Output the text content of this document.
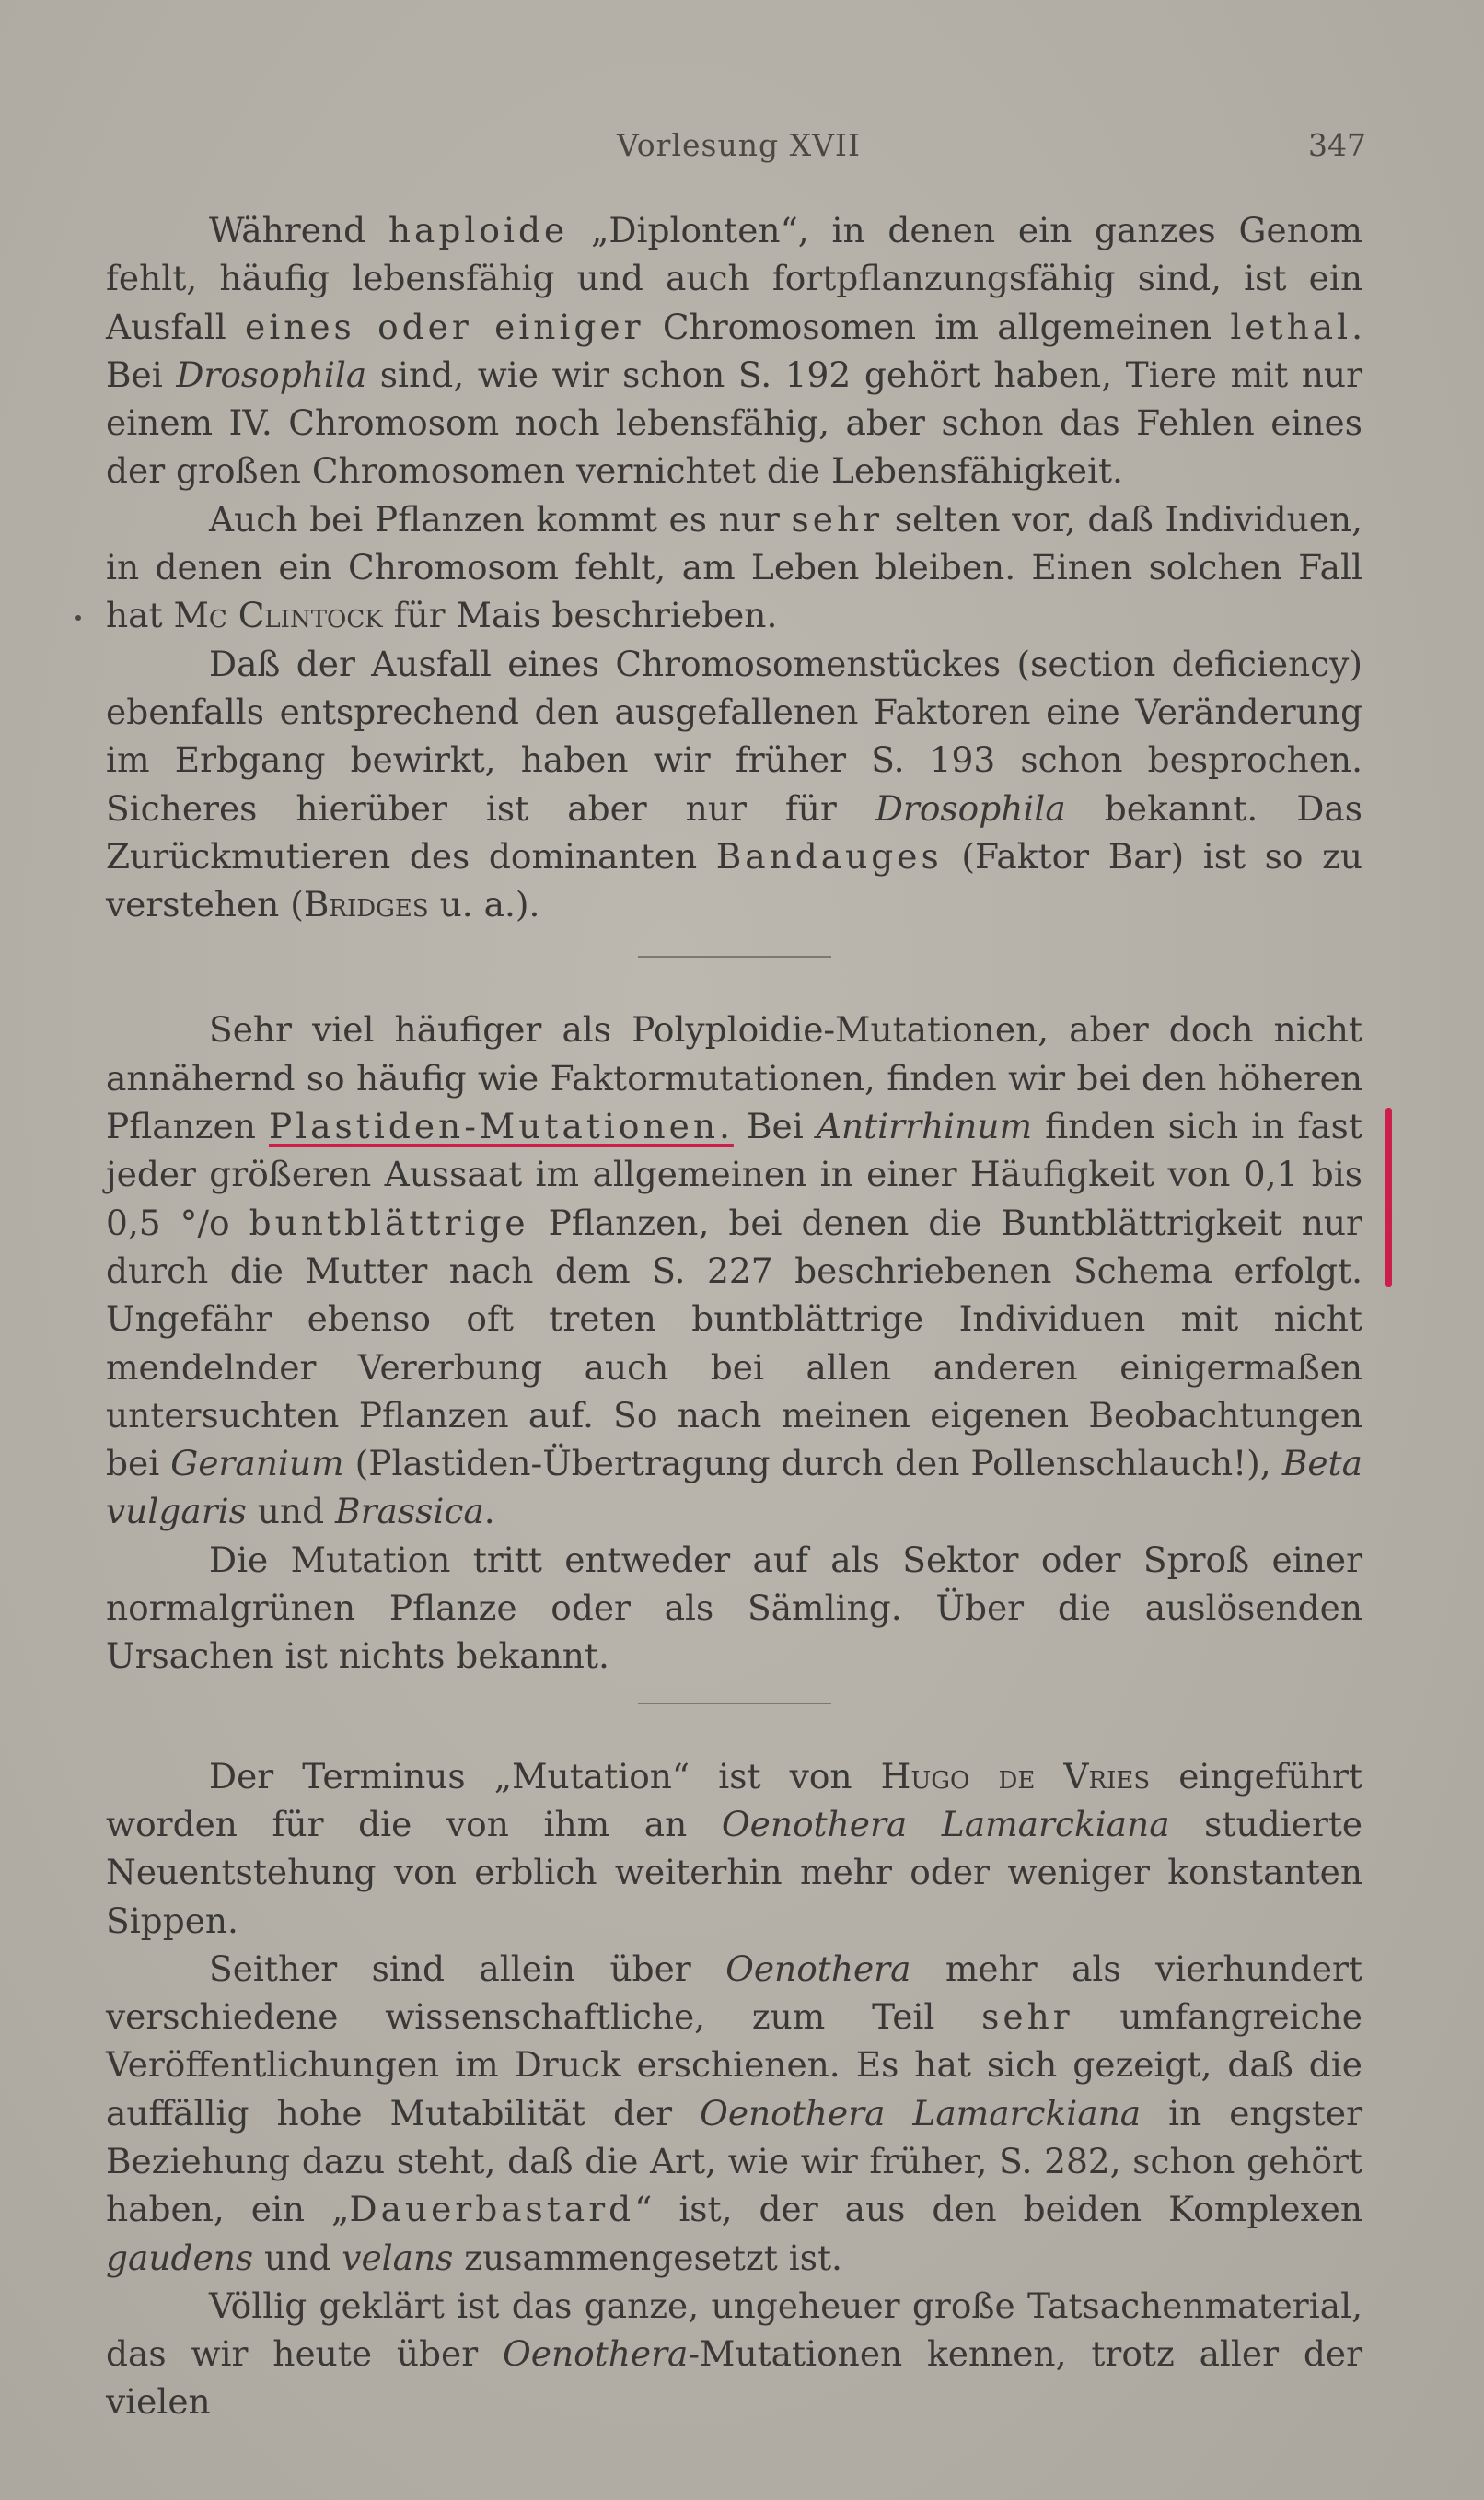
Vorlesung XVII	347

Während haploide „Diplonten“, in denen ein ganzes Genom fehlt, häufig lebensfähig und auch fortpflanzungsfähig sind, ist ein Ausfall eines oder einiger Chromosomen im allgemeinen lethal. Bei Drosophila sind, wie wir schon S. 192 gehört haben, Tiere mit nur einem IV. Chromosom noch lebensfähig, aber schon das Fehlen eines der großen Chromosomen vernichtet die Lebensfähigkeit.

Auch bei Pflanzen kommt es nur sehr selten vor, daß Individuen, in denen ein Chromosom fehlt, am Leben bleiben. Einen solchen Fall hat Mc Clintock für Mais beschrieben.

Daß der Ausfall eines Chromosomenstückes (section deficiency) ebenfalls entsprechend den ausgefallenen Faktoren eine Veränderung im Erbgang bewirkt, haben wir früher S. 193 schon besprochen. Sicheres hierüber ist aber nur für Drosophila bekannt. Das Zurückmutieren des dominanten Bandauges (Faktor Bar) ist so zu verstehen (Bridges u. a.).

Sehr viel häufiger als Polyploidie-Mutationen, aber doch nicht annähernd so häufig wie Faktormutationen, finden wir bei den höheren Pflanzen Plastiden-Mutationen. Bei Antirrhinum finden sich in fast jeder größeren Aussaat im allgemeinen in einer Häufigkeit von 0,1 bis 0,5 °/o buntblättrige Pflanzen, bei denen die Buntblättrigkeit nur durch die Mutter nach dem S. 227 beschriebenen Schema erfolgt. Ungefähr ebenso oft treten buntblättrige Individuen mit nicht mendelnder Vererbung auch bei allen anderen einigermaßen untersuchten Pflanzen auf. So nach meinen eigenen Beobachtungen bei Geranium (Plastiden-Übertragung durch den Pollenschlauch!), Beta vulgaris und Brassica.

Die Mutation tritt entweder auf als Sektor oder Sproß einer normalgrünen Pflanze oder als Sämling. Über die auslösenden Ursachen ist nichts bekannt.

Der Terminus „Mutation“ ist von Hugo de Vries eingeführt worden für die von ihm an Oenothera Lamarckiana studierte Neuentstehung von erblich weiterhin mehr oder weniger konstanten Sippen.

Seither sind allein über Oenothera mehr als vierhundert verschiedene wissenschaftliche, zum Teil sehr umfangreiche Veröffentlichungen im Druck erschienen. Es hat sich gezeigt, daß die auffällig hohe Mutabilität der Oenothera Lamarckiana in engster Beziehung dazu steht, daß die Art, wie wir früher, S. 282, schon gehört haben, ein „Dauerbastard“ ist, der aus den beiden Komplexen gaudens und velans zusammengesetzt ist.

Völlig geklärt ist das ganze, ungeheuer große Tatsachenmaterial, das wir heute über Oenothera-Mutationen kennen, trotz aller der vielen
